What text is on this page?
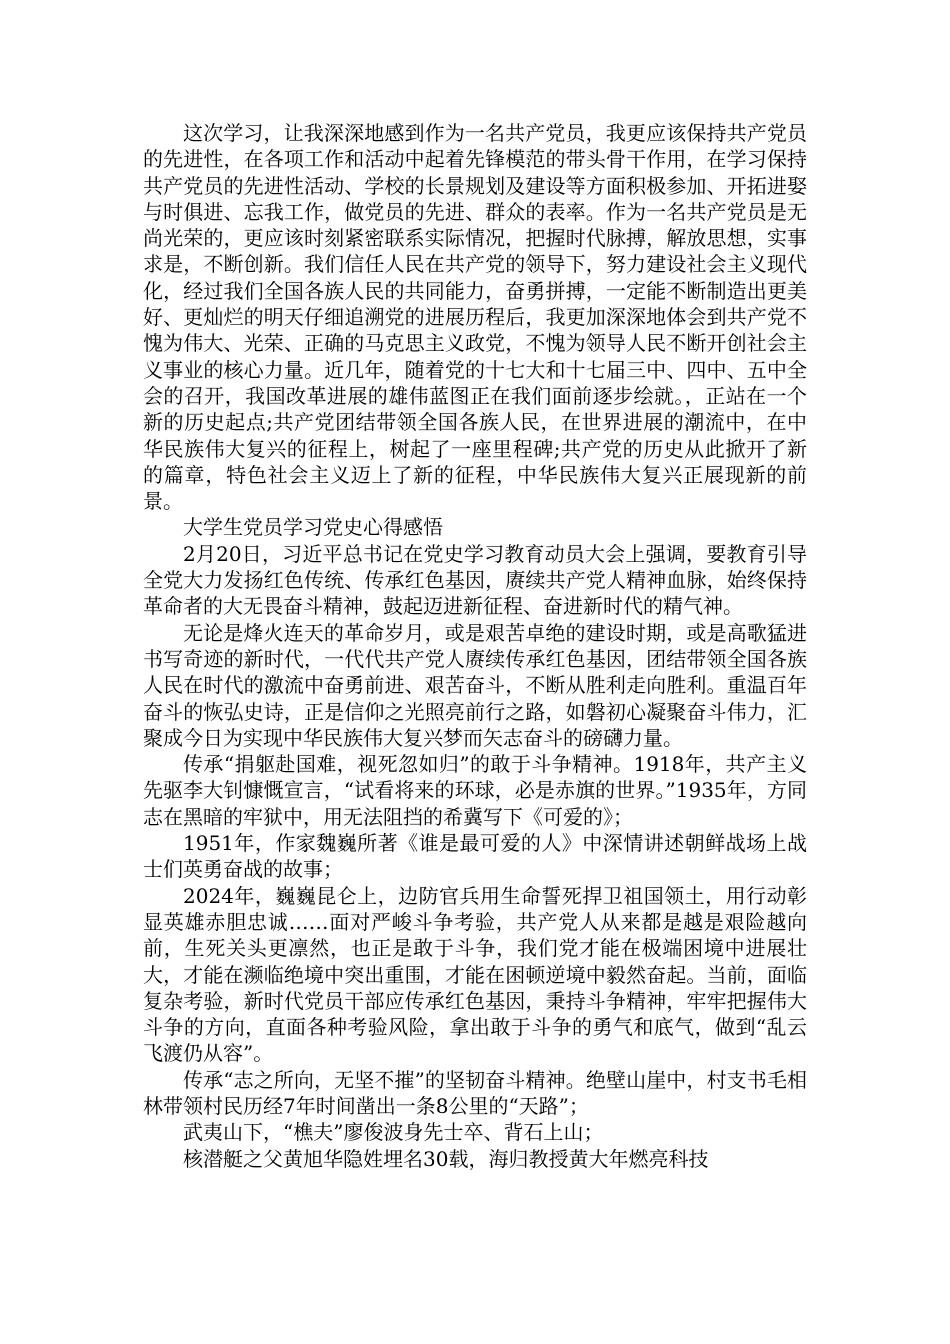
这次学习，让我深深地感到作为一名共产党员，我更应该保持共产党员的先进性，在各项工作和活动中起着先锋模范的带头骨干作用，在学习保持共产党员的先进性活动、学校的长景规划及建设等方面积极参加、开拓进娶与时俱进、忘我工作，做党员的先进、群众的表率。作为一名共产党员是无尚光荣的，更应该时刻紧密联系实际情况，把握时代脉搏，解放思想，实事求是，不断创新。我们信任人民在共产党的领导下，努力建设社会主义现代化，经过我们全国各族人民的共同能力，奋勇拼搏，一定能不断制造出更美好、更灿烂的明天仔细追溯党的进展历程后，我更加深深地体会到共产党不愧为伟大、光荣、正确的马克思主义政党，不愧为领导人民不断开创社会主义事业的核心力量。近几年，随着党的十七大和十七届三中、四中、五中全会的召开，我国改革进展的雄伟蓝图正在我们面前逐步绘就。，正站在一个新的历史起点;共产党团结带领全国各族人民，在世界进展的潮流中，在中华民族伟大复兴的征程上，树起了一座里程碑;共产党的历史从此掀开了新的篇章，特色社会主义迈上了新的征程，中华民族伟大复兴正展现新的前景。

大学生党员学习党史心得感悟

2月20日，习近平总书记在党史学习教育动员大会上强调，要教育引导全党大力发扬红色传统、传承红色基因，赓续共产党人精神血脉，始终保持革命者的大无畏奋斗精神，鼓起迈进新征程、奋进新时代的精气神。

无论是烽火连天的革命岁月，或是艰苦卓绝的建设时期，或是高歌猛进书写奇迹的新时代，一代代共产党人赓续传承红色基因，团结带领全国各族人民在时代的激流中奋勇前进、艰苦奋斗，不断从胜利走向胜利。重温百年奋斗的恢弘史诗，正是信仰之光照亮前行之路，如磐初心凝聚奋斗伟力，汇聚成今日为实现中华民族伟大复兴梦而矢志奋斗的磅礴力量。

传承“捐躯赴国难，视死忽如归”的敢于斗争精神。1918年，共产主义先驱李大钊慷慨宣言，“试看将来的环球，必是赤旗的世界。”1935年，方同志在黑暗的牢狱中，用无法阻挡的希冀写下《可爱的》；

1951年，作家魏巍所著《谁是最可爱的人》中深情讲述朝鲜战场上战士们英勇奋战的故事；

2024年，巍巍昆仑上，边防官兵用生命誓死捍卫祖国领土，用行动彰显英雄赤胆忠诚……面对严峻斗争考验，共产党人从来都是越是艰险越向前，生死关头更凛然，也正是敢于斗争，我们党才能在极端困境中进展壮大，才能在濒临绝境中突出重围，才能在困顿逆境中毅然奋起。当前，面临复杂考验，新时代党员干部应传承红色基因，秉持斗争精神，牢牢把握伟大斗争的方向，直面各种考验风险，拿出敢于斗争的勇气和底气，做到“乱云飞渡仍从容”。

传承“志之所向，无坚不摧”的坚韧奋斗精神。绝壁山崖中，村支书毛相林带领村民历经7年时间凿出一条8公里的“天路”；

武夷山下，“樵夫”廖俊波身先士卒、背石上山；

核潜艇之父黄旭华隐姓埋名30载，海归教授黄大年燃亮科技
